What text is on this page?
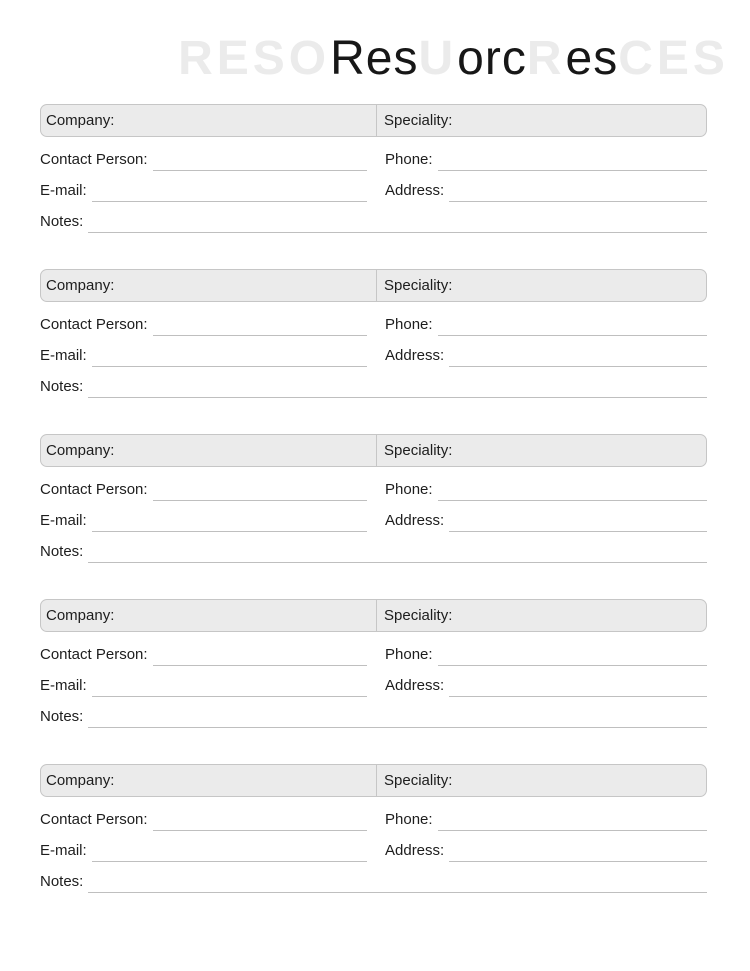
RESOResUorcResCES
Company:	Speciality:
Contact Person:	Phone:
E-mail:	Address:
Notes:
Company:	Speciality:
Contact Person:	Phone:
E-mail:	Address:
Notes:
Company:	Speciality:
Contact Person:	Phone:
E-mail:	Address:
Notes:
Company:	Speciality:
Contact Person:	Phone:
E-mail:	Address:
Notes:
Company:	Speciality:
Contact Person:	Phone:
E-mail:	Address:
Notes:
